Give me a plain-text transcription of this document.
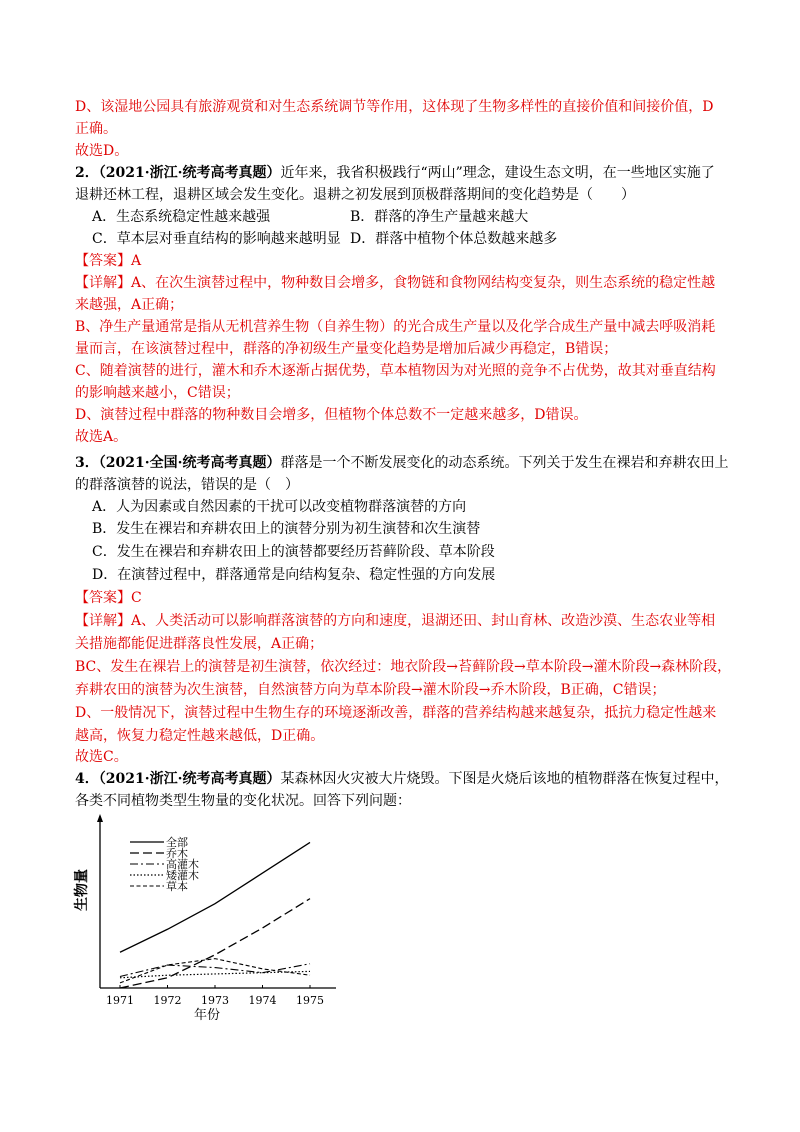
D、该湿地公园具有旅游观赏和对生态系统调节等作用，这体现了生物多样性的直接价值和间接价值，D
正确。
故选D。
2．（2021·浙江·统考高考真题）近年来，我省积极践行“两山”理念，建设生态文明，在一些地区实施了
退耕还林工程，退耕区域会发生变化。退耕之初发展到顶极群落期间的变化趋势是（　　）
A．生态系统稳定性越来越强	B．群落的净生产量越来越大
C．草本层对垂直结构的影响越来越明显 D．群落中植物个体总数越来越多
【答案】A
【详解】A、在次生演替过程中，物种数目会增多，食物链和食物网结构变复杂，则生态系统的稳定性越
来越强，A正确；
B、净生产量通常是指从无机营养生物（自养生物）的光合成生产量以及化学合成生产量中减去呼吸消耗
量而言，在该演替过程中，群落的净初级生产量变化趋势是增加后减少再稳定，B错误；
C、随着演替的进行，灌木和乔木逐渐占据优势，草本植物因为对光照的竞争不占优势，故其对垂直结构
的影响越来越小，C错误；
D、演替过程中群落的物种数目会增多，但植物个体总数不一定越来越多，D错误。
故选A。
3．（2021·全国·统考高考真题）群落是一个不断发展变化的动态系统。下列关于发生在裸岩和弃耕农田上
的群落演替的说法，错误的是（　）
A．人为因素或自然因素的干扰可以改变植物群落演替的方向
B．发生在裸岩和弃耕农田上的演替分别为初生演替和次生演替
C．发生在裸岩和弃耕农田上的演替都要经历苔藓阶段、草本阶段
D．在演替过程中，群落通常是向结构复杂、稳定性强的方向发展
【答案】C
【详解】A、人类活动可以影响群落演替的方向和速度，退湖还田、封山育林、改造沙漠、生态农业等相
关措施都能促进群落良性发展，A正确；
BC、发生在裸岩上的演替是初生演替，依次经过：地衣阶段→苔藓阶段→草本阶段→灌木阶段→森林阶段，
弃耕农田的演替为次生演替，自然演替方向为草本阶段→灌木阶段→乔木阶段，B正确，C错误；
D、一般情况下，演替过程中生物生存的环境逐渐改善，群落的营养结构越来越复杂，抵抗力稳定性越来
越高，恢复力稳定性越来越低，D正确。
故选C。
4．（2021·浙江·统考高考真题）某森林因火灾被大片烧毁。下图是火烧后该地的植物群落在恢复过程中，
各类不同植物类型生物量的变化状况。回答下列问题：
1971 1972 1973 1974 1975
年份
生物量
全部
乔木
高灌木
矮灌木
草本
